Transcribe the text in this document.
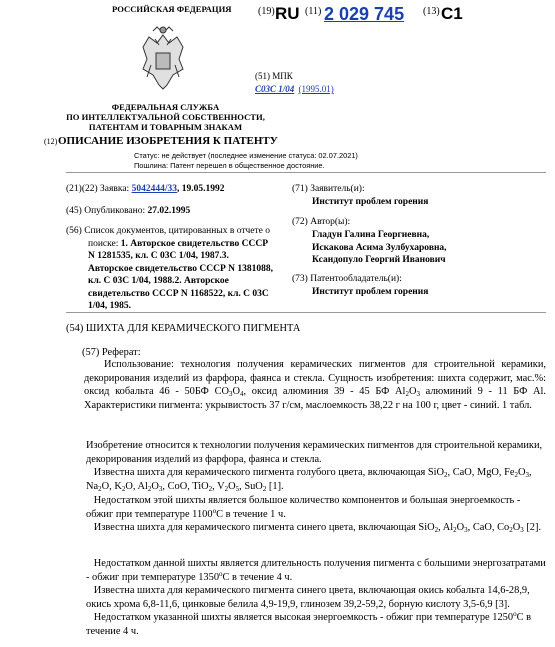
РОССИЙСКАЯ ФЕДЕРАЦИЯ	(19) RU (11) 2 029 745 (13) C1
(51) МПК
C03C 1/04 (1995.01)
ФЕДЕРАЛЬНАЯ СЛУЖБА
ПО ИНТЕЛЛЕКТУАЛЬНОЙ СОБСТВЕННОСТИ,
ПАТЕНТАМ И ТОВАРНЫМ ЗНАКАМ
(12) ОПИСАНИЕ ИЗОБРЕТЕНИЯ К ПАТЕНТУ
Статус: не действует (последнее изменение статуса: 02.07.2021)
Пошлина: Патент перешел в общественное достояние.
(21)(22) Заявка: 5042444/33, 19.05.1992
(45) Опубликовано: 27.02.1995
(56) Список документов, цитированных в отчете о
поиске: 1. Авторское свидетельство СССР
N 1281535, кл. С 03С 1/04, 1987.3.
Авторское свидетельство СССР N 1381088,
кл. С 03С 1/04, 1988.2. Авторское
свидетельство СССР N 1168522, кл. С 03С
1/04, 1985.
(71) Заявитель(и):
Институт проблем горения
(72) Автор(ы):
Гладун Галина Георгиевна,
Искакова Асима Зулбухаровна,
Ксандопуло Георгий Иванович
(73) Патентообладатель(и):
Институт проблем горения
(54) ШИХТА ДЛЯ КЕРАМИЧЕСКОГО ПИГМЕНТА
(57) Реферат:
Использование: технология получения керамических пигментов для строительной керамики, декорирования изделий из фарфора, фаянса и стекла. Сущность изобретения: шихта содержит, мас.%: оксид кобальта 46 - 50БФ $CO_3O_4$, оксид алюминия 39 - 45 БФ $Al_2O_3$ алюминий 9 - 11 БФ Al. Характеристики пигмента: укрывистость 37 г/см, маслоемкость 38,22 г на 100 г, цвет - синий. 1 табл.
Изобретение относится к технологии получения керамических пигментов для строительной керамики, декорирования изделий из фарфора, фаянса и стекла.
Известна шихта для керамического пигмента голубого цвета, включающая SiO$_2$, CaO, MgO, $Fe_2O_3$, $Na_2O$, $K_2O$, $Al_2O_3$, CoO, TiO$_2$, $V_2O_5$, SuO$_2$ [1].
Недостатком этой шихты является большое количество компонентов и большая энергоемкость - обжиг при температуре $1100^оС$ в течение 1 ч.
Известна шихта для керамического пигмента синего цвета, включающая SiO$_2$, $Al_2O_3$, CaO, $Co_2O_3$ [2].
Недостатком данной шихты является длительность получения пигмента с большими энергозатратами - обжиг при температуре $1350^оС$ в течение 4 ч.
Известна шихта для керамического пигмента синего цвета, включающая окись кобальта 14,6-28,9, окись хрома 6,8-11,6, цинковые белила 4,9-19,9, глинозем 39,2-59,2, борную кислоту 3,5-6,9 [3].
Недостатком указанной шихты является высокая энергоемкость - обжиг при температуре $1250^оС$ в течение 4 ч.
